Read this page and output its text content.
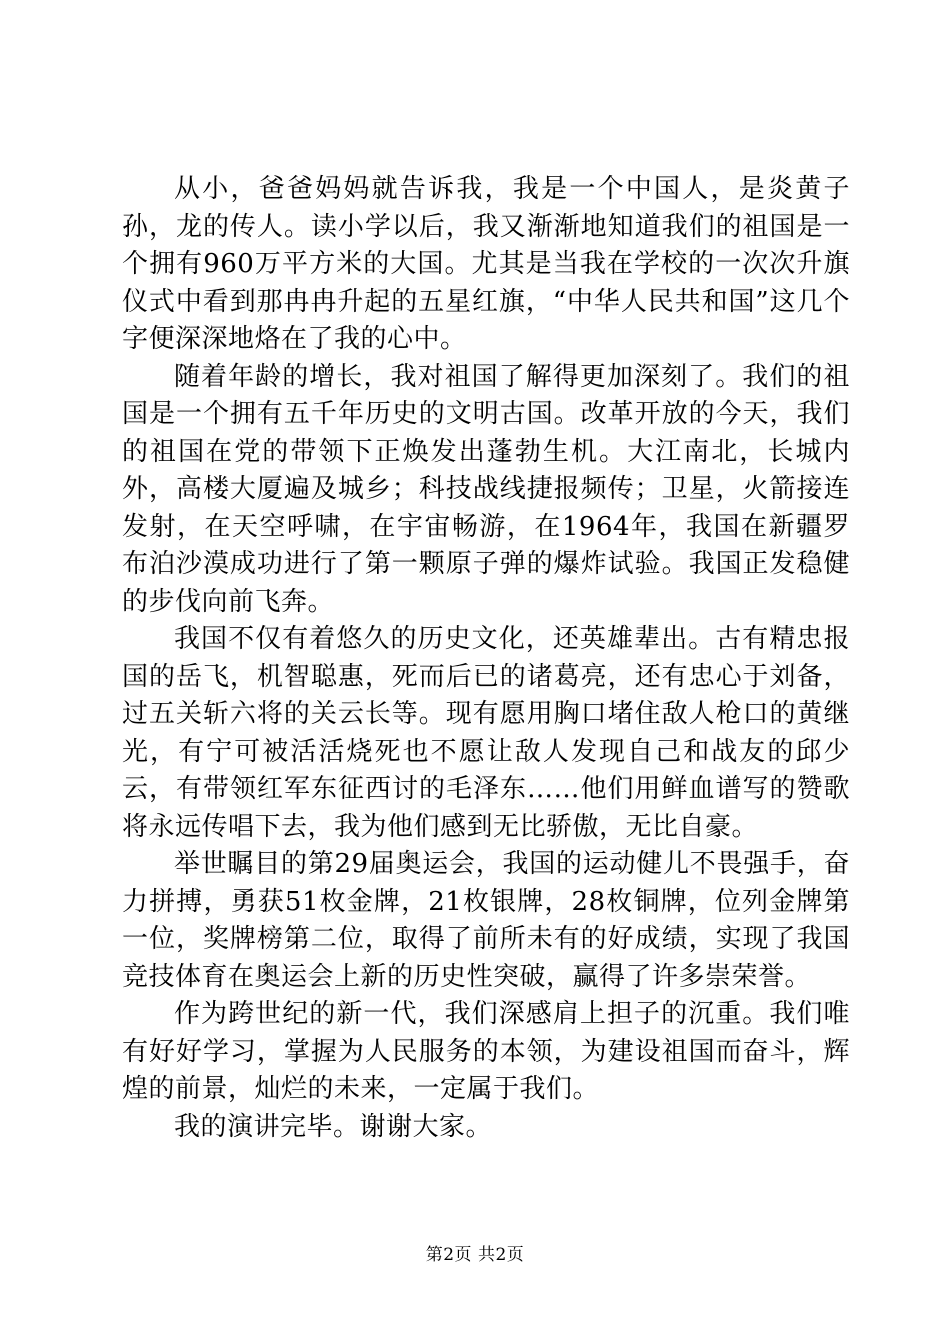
从小，爸爸妈妈就告诉我，我是一个中国人，是炎黄子孙，龙的传人。读小学以后，我又渐渐地知道我们的祖国是一个拥有960万平方米的大国。尤其是当我在学校的一次次升旗仪式中看到那冉冉升起的五星红旗，“中华人民共和国”这几个字便深深地烙在了我的心中。

随着年龄的增长，我对祖国了解得更加深刻了。我们的祖国是一个拥有五千年历史的文明古国。改革开放的今天，我们的祖国在党的带领下正焕发出蓬勃生机。大江南北，长城内外，高楼大厦遍及城乡；科技战线捷报频传；卫星，火箭接连发射，在天空呼啸，在宇宙畅游，在1964年，我国在新疆罗布泊沙漠成功进行了第一颗原子弹的爆炸试验。我国正发稳健的步伐向前飞奔。

我国不仅有着悠久的历史文化，还英雄辈出。古有精忠报国的岳飞，机智聪惠，死而后已的诸葛亮，还有忠心于刘备，过五关斩六将的关云长等。现有愿用胸口堵住敌人枪口的黄继光，有宁可被活活烧死也不愿让敌人发现自己和战友的邱少云，有带领红军东征西讨的毛泽东……他们用鲜血谱写的赞歌将永远传唱下去，我为他们感到无比骄傲，无比自豪。

举世瞩目的第29届奥运会，我国的运动健儿不畏强手，奋力拼搏，勇获51枚金牌，21枚银牌，28枚铜牌，位列金牌第一位，奖牌榜第二位，取得了前所未有的好成绩，实现了我国竞技体育在奥运会上新的历史性突破，赢得了许多崇荣誉。

作为跨世纪的新一代，我们深感肩上担子的沉重。我们唯有好好学习，掌握为人民服务的本领，为建设祖国而奋斗，辉煌的前景，灿烂的未来，一定属于我们。

我的演讲完毕。谢谢大家。

第2页 共2页
